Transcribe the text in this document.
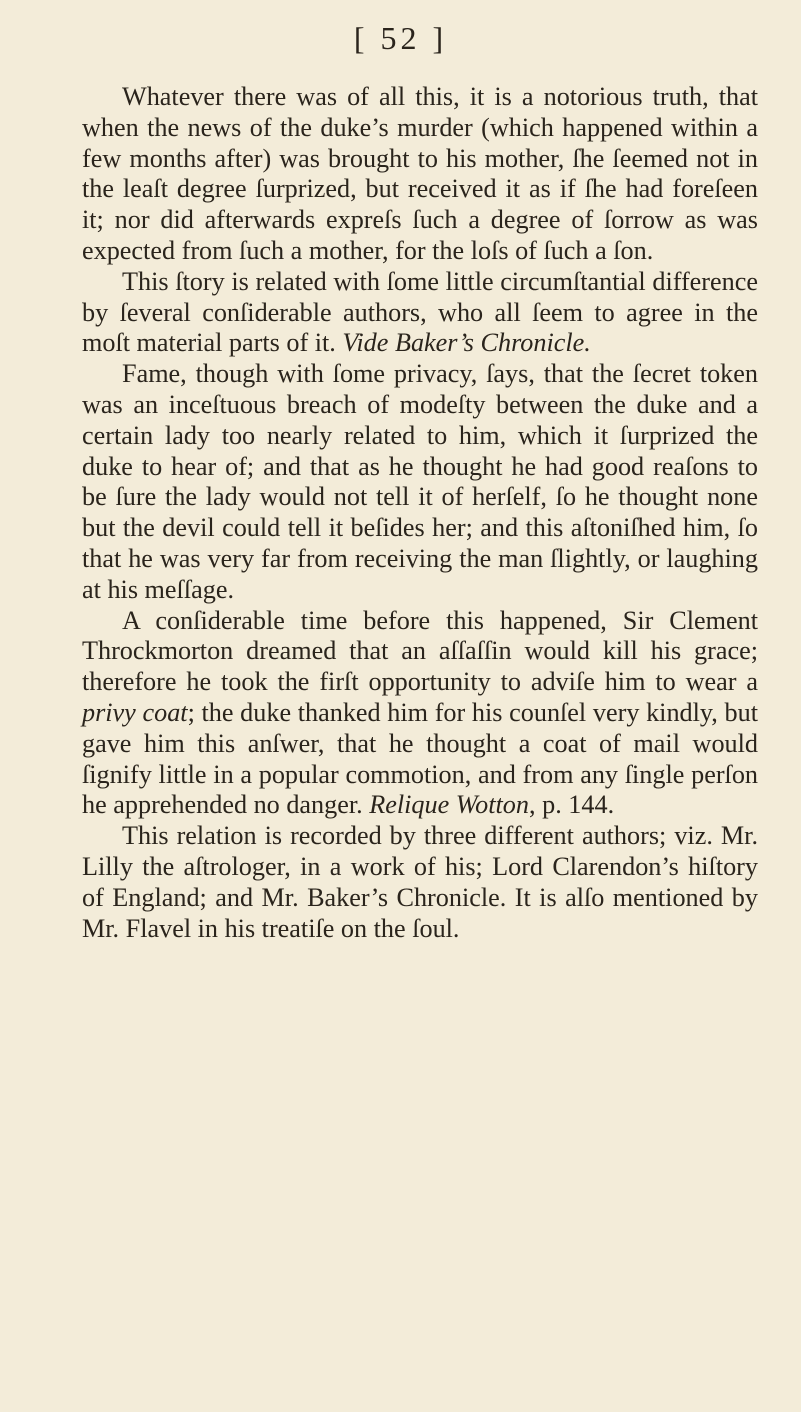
[ 52 ]

Whatever there was of all this, it is a notorious truth, that when the news of the duke’s murder (which happened within a few months after) was brought to his mother, ſhe ſeemed not in the leaſt degree ſurprized, but received it as if ſhe had foreſeen it; nor did afterwards expreſs ſuch a degree of ſorrow as was expected from ſuch a mother, for the loſs of ſuch a ſon.

This ſtory is related with ſome little circumſtantial difference by ſeveral conſiderable authors, who all ſeem to agree in the moſt material parts of it. Vide Baker’s Chronicle.

Fame, though with ſome privacy, ſays, that the ſecret token was an inceſtuous breach of modeſty between the duke and a certain lady too nearly related to him, which it ſurprized the duke to hear of; and that as he thought he had good reaſons to be ſure the lady would not tell it of herſelf, ſo he thought none but the devil could tell it beſides her; and this aſtoniſhed him, ſo that he was very far from receiving the man ſlightly, or laughing at his meſſage.

A conſiderable time before this happened, Sir Clement Throckmorton dreamed that an aſſaſſin would kill his grace; therefore he took the firſt opportunity to adviſe him to wear a privy coat; the duke thanked him for his counſel very kindly, but gave him this anſwer, that he thought a coat of mail would ſignify little in a popular commotion, and from any ſingle perſon he apprehended no danger. Relique Wotton, p. 144.

This relation is recorded by three different authors; viz. Mr. Lilly the aſtrologer, in a work of his; Lord Clarendon’s hiſtory of England; and Mr. Baker’s Chronicle. It is alſo mentioned by Mr. Flavel in his treatiſe on the ſoul.
